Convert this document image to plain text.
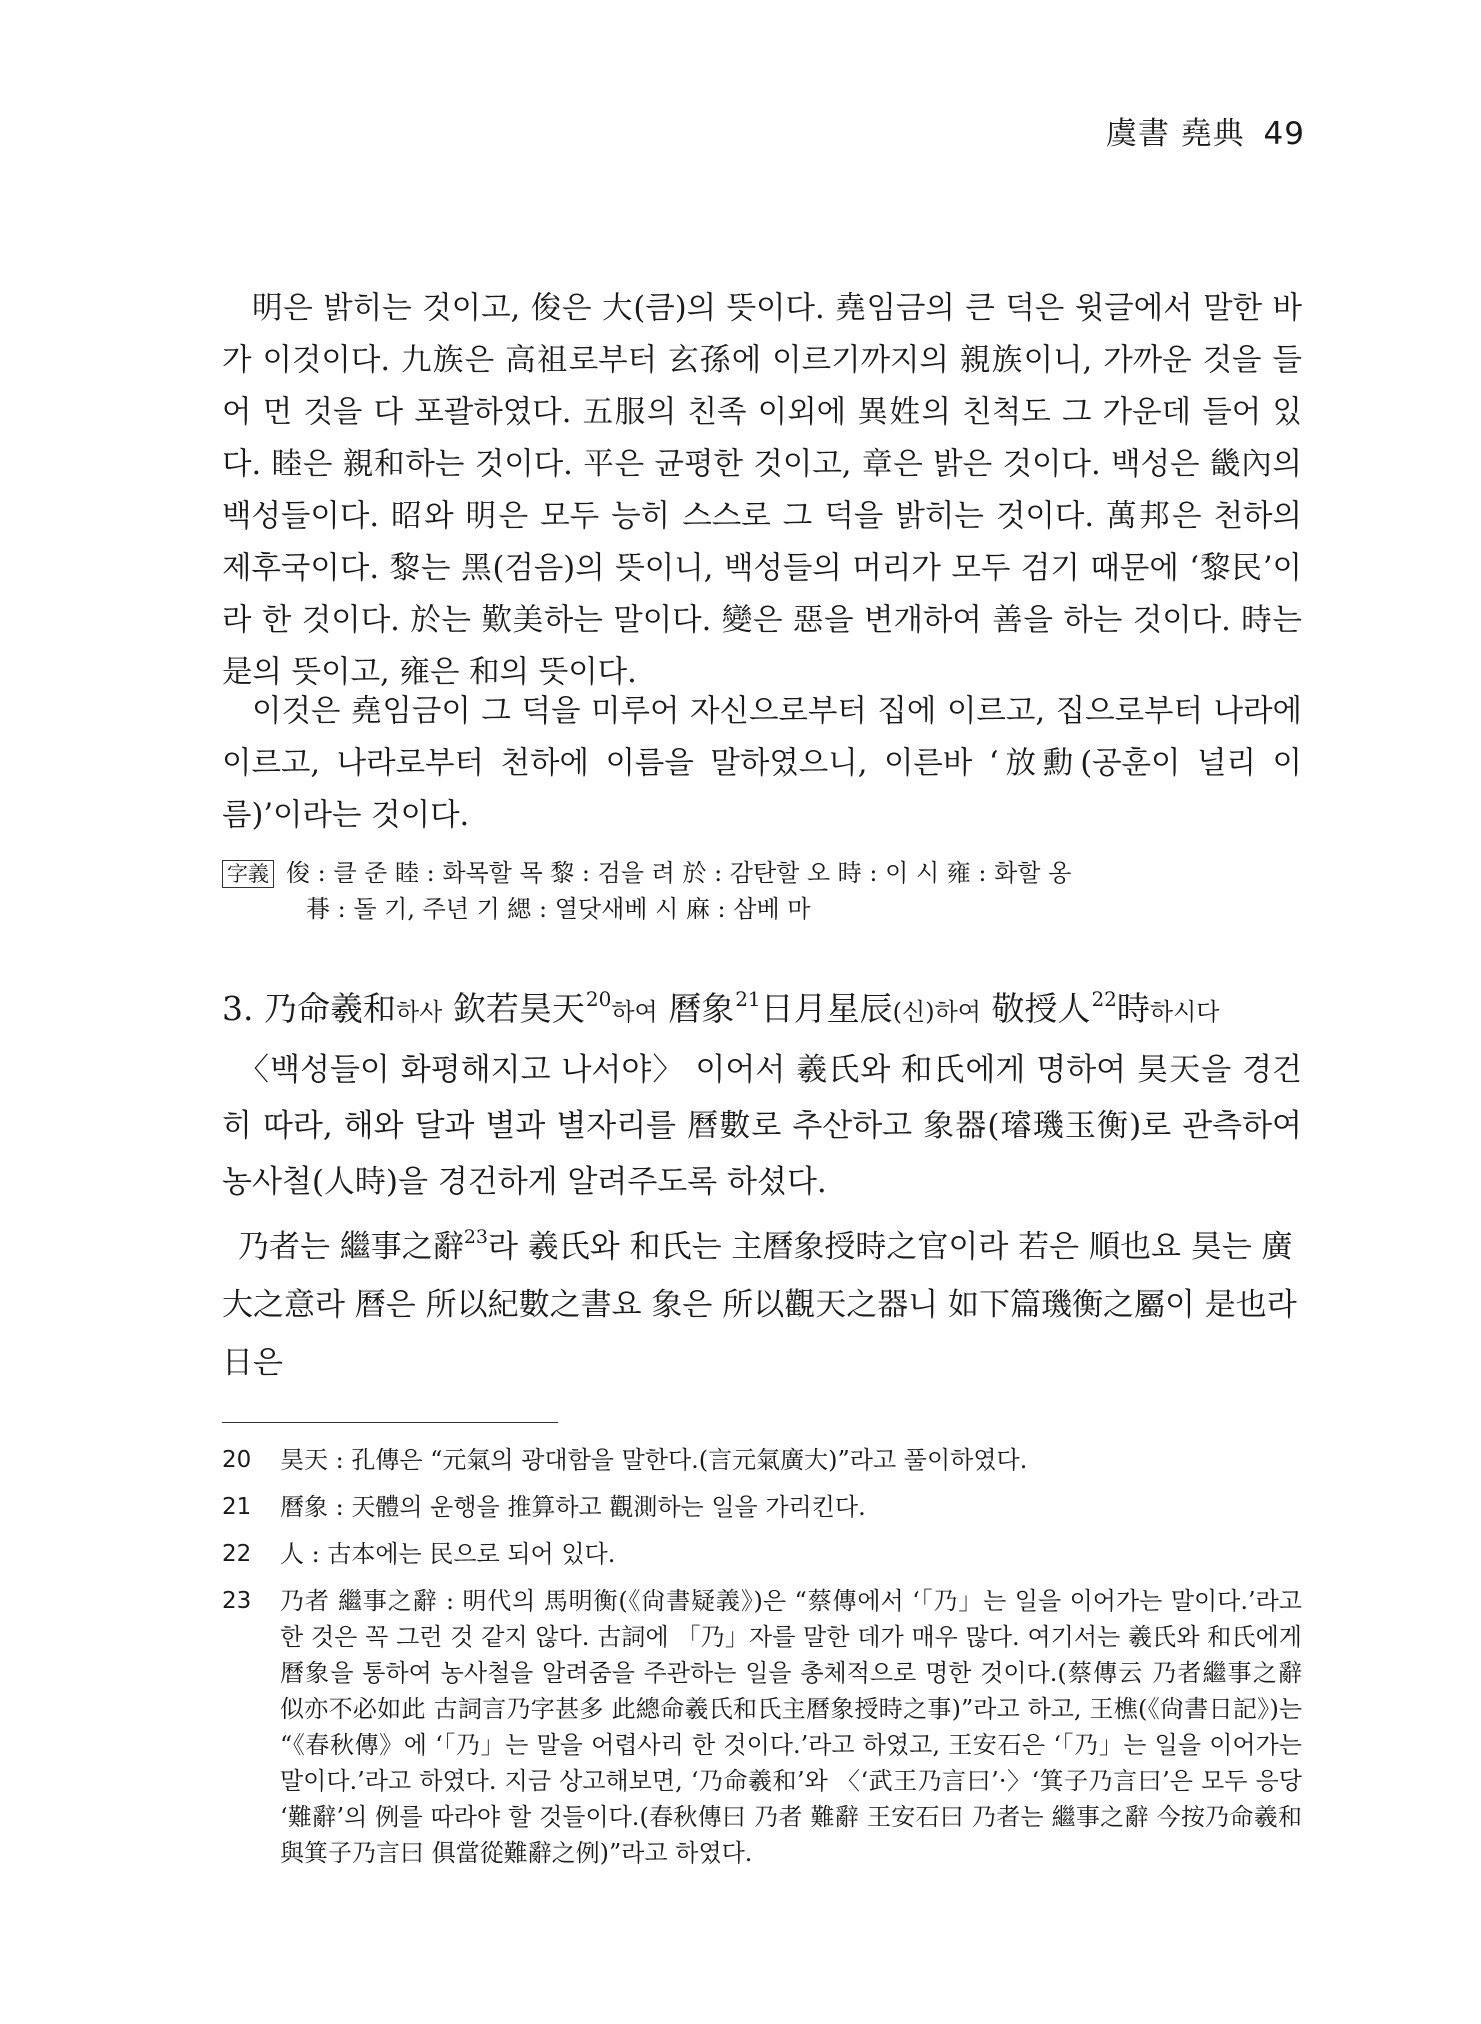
虞書 堯典 49

明은 밝히는 것이고, 俊은 大(큼)의 뜻이다. 堯임금의 큰 덕은 윗글에서 말한 바가 이것이다. 九族은 高祖로부터 玄孫에 이르기까지의 親族이니, 가까운 것을 들어 먼 것을 다 포괄하였다. 五服의 친족 이외에 異姓의 친척도 그 가운데 들어 있다. 睦은 親和하는 것이다. 平은 균평한 것이고, 章은 밝은 것이다. 백성은 畿內의 백성들이다. 昭와 明은 모두 능히 스스로 그 덕을 밝히는 것이다. 萬邦은 천하의 제후국이다. 黎는 黑(검음)의 뜻이니, 백성들의 머리가 모두 검기 때문에 ‘黎民’이라 한 것이다. 於는 歎美하는 말이다. 變은 惡을 변개하여 善을 하는 것이다. 時는 是의 뜻이고, 雍은 和의 뜻이다.

이것은 堯임금이 그 덕을 미루어 자신으로부터 집에 이르고, 집으로부터 나라에 이르고, 나라로부터 천하에 이름을 말하였으니, 이른바 ‘放勳(공훈이 널리 이름)’이라는 것이다.

字義 俊 : 클 준 睦 : 화목할 목 黎 : 검을 려 於 : 감탄할 오 時 : 이 시 雍 : 화할 옹
朞 : 돌 기, 주년 기 緦 : 열닷새베 시 麻 : 삼베 마
3. 乃命羲和하사 欽若昊天$^{20}$하여 曆象$^{21}$日月星辰(신)하여 敬授人$^{22}$時하시다

〈백성들이 화평해지고 나서야〉 이어서 羲氏와 和氏에게 명하여 昊天을 경건히 따라, 해와 달과 별과 별자리를 曆數로 추산하고 象器(璿璣玉衡)로 관측하여 농사철(人時)을 경건하게 알려주도록 하셨다.

乃者는 繼事之辭$^{23}$라 羲氏와 和氏는 主曆象授時之官이라 若은 順也요 昊는 廣大之意라 曆은 所以紀數之書요 象은 所以觀天之器니 如下篇璣衡之屬이 是也라 日은

20	昊天 : 孔傳은 “元氣의 광대함을 말한다.(言元氣廣大)”라고 풀이하였다.
21	曆象 : 天體의 운행을 推算하고 觀測하는 일을 가리킨다.
22	人 : 古本에는 民으로 되어 있다.
23	乃者 繼事之辭 : 明代의 馬明衡(《尙書疑義》)은 “蔡傳에서 ‘「乃」는 일을 이어가는 말이다.’라고 한 것은 꼭 그런 것 같지 않다. 古詞에 「乃」자를 말한 데가 매우 많다. 여기서는 羲氏와 和氏에게 曆象을 통하여 농사철을 알려줌을 주관하는 일을 총체적으로 명한 것이다.(蔡傳云 乃者繼事之辭 似亦不必如此 古詞言乃字甚多 此總命羲氏和氏主曆象授時之事)”라고 하고, 王樵(《尙書日記》)는 “《春秋傳》에 ‘「乃」는 말을 어렵사리 한 것이다.’라고 하였고, 王安石은 ‘「乃」는 일을 이어가는 말이다.’라고 하였다. 지금 상고해보면, ‘乃命羲和’와 〈‘武王乃言曰’·〉‘箕子乃言曰’은 모두 응당 ‘難辭’의 例를 따라야 할 것들이다.(春秋傳曰 乃者 難辭 王安石曰 乃者는 繼事之辭 今按乃命羲和與箕子乃言曰 俱當從難辭之例)”라고 하였다.
